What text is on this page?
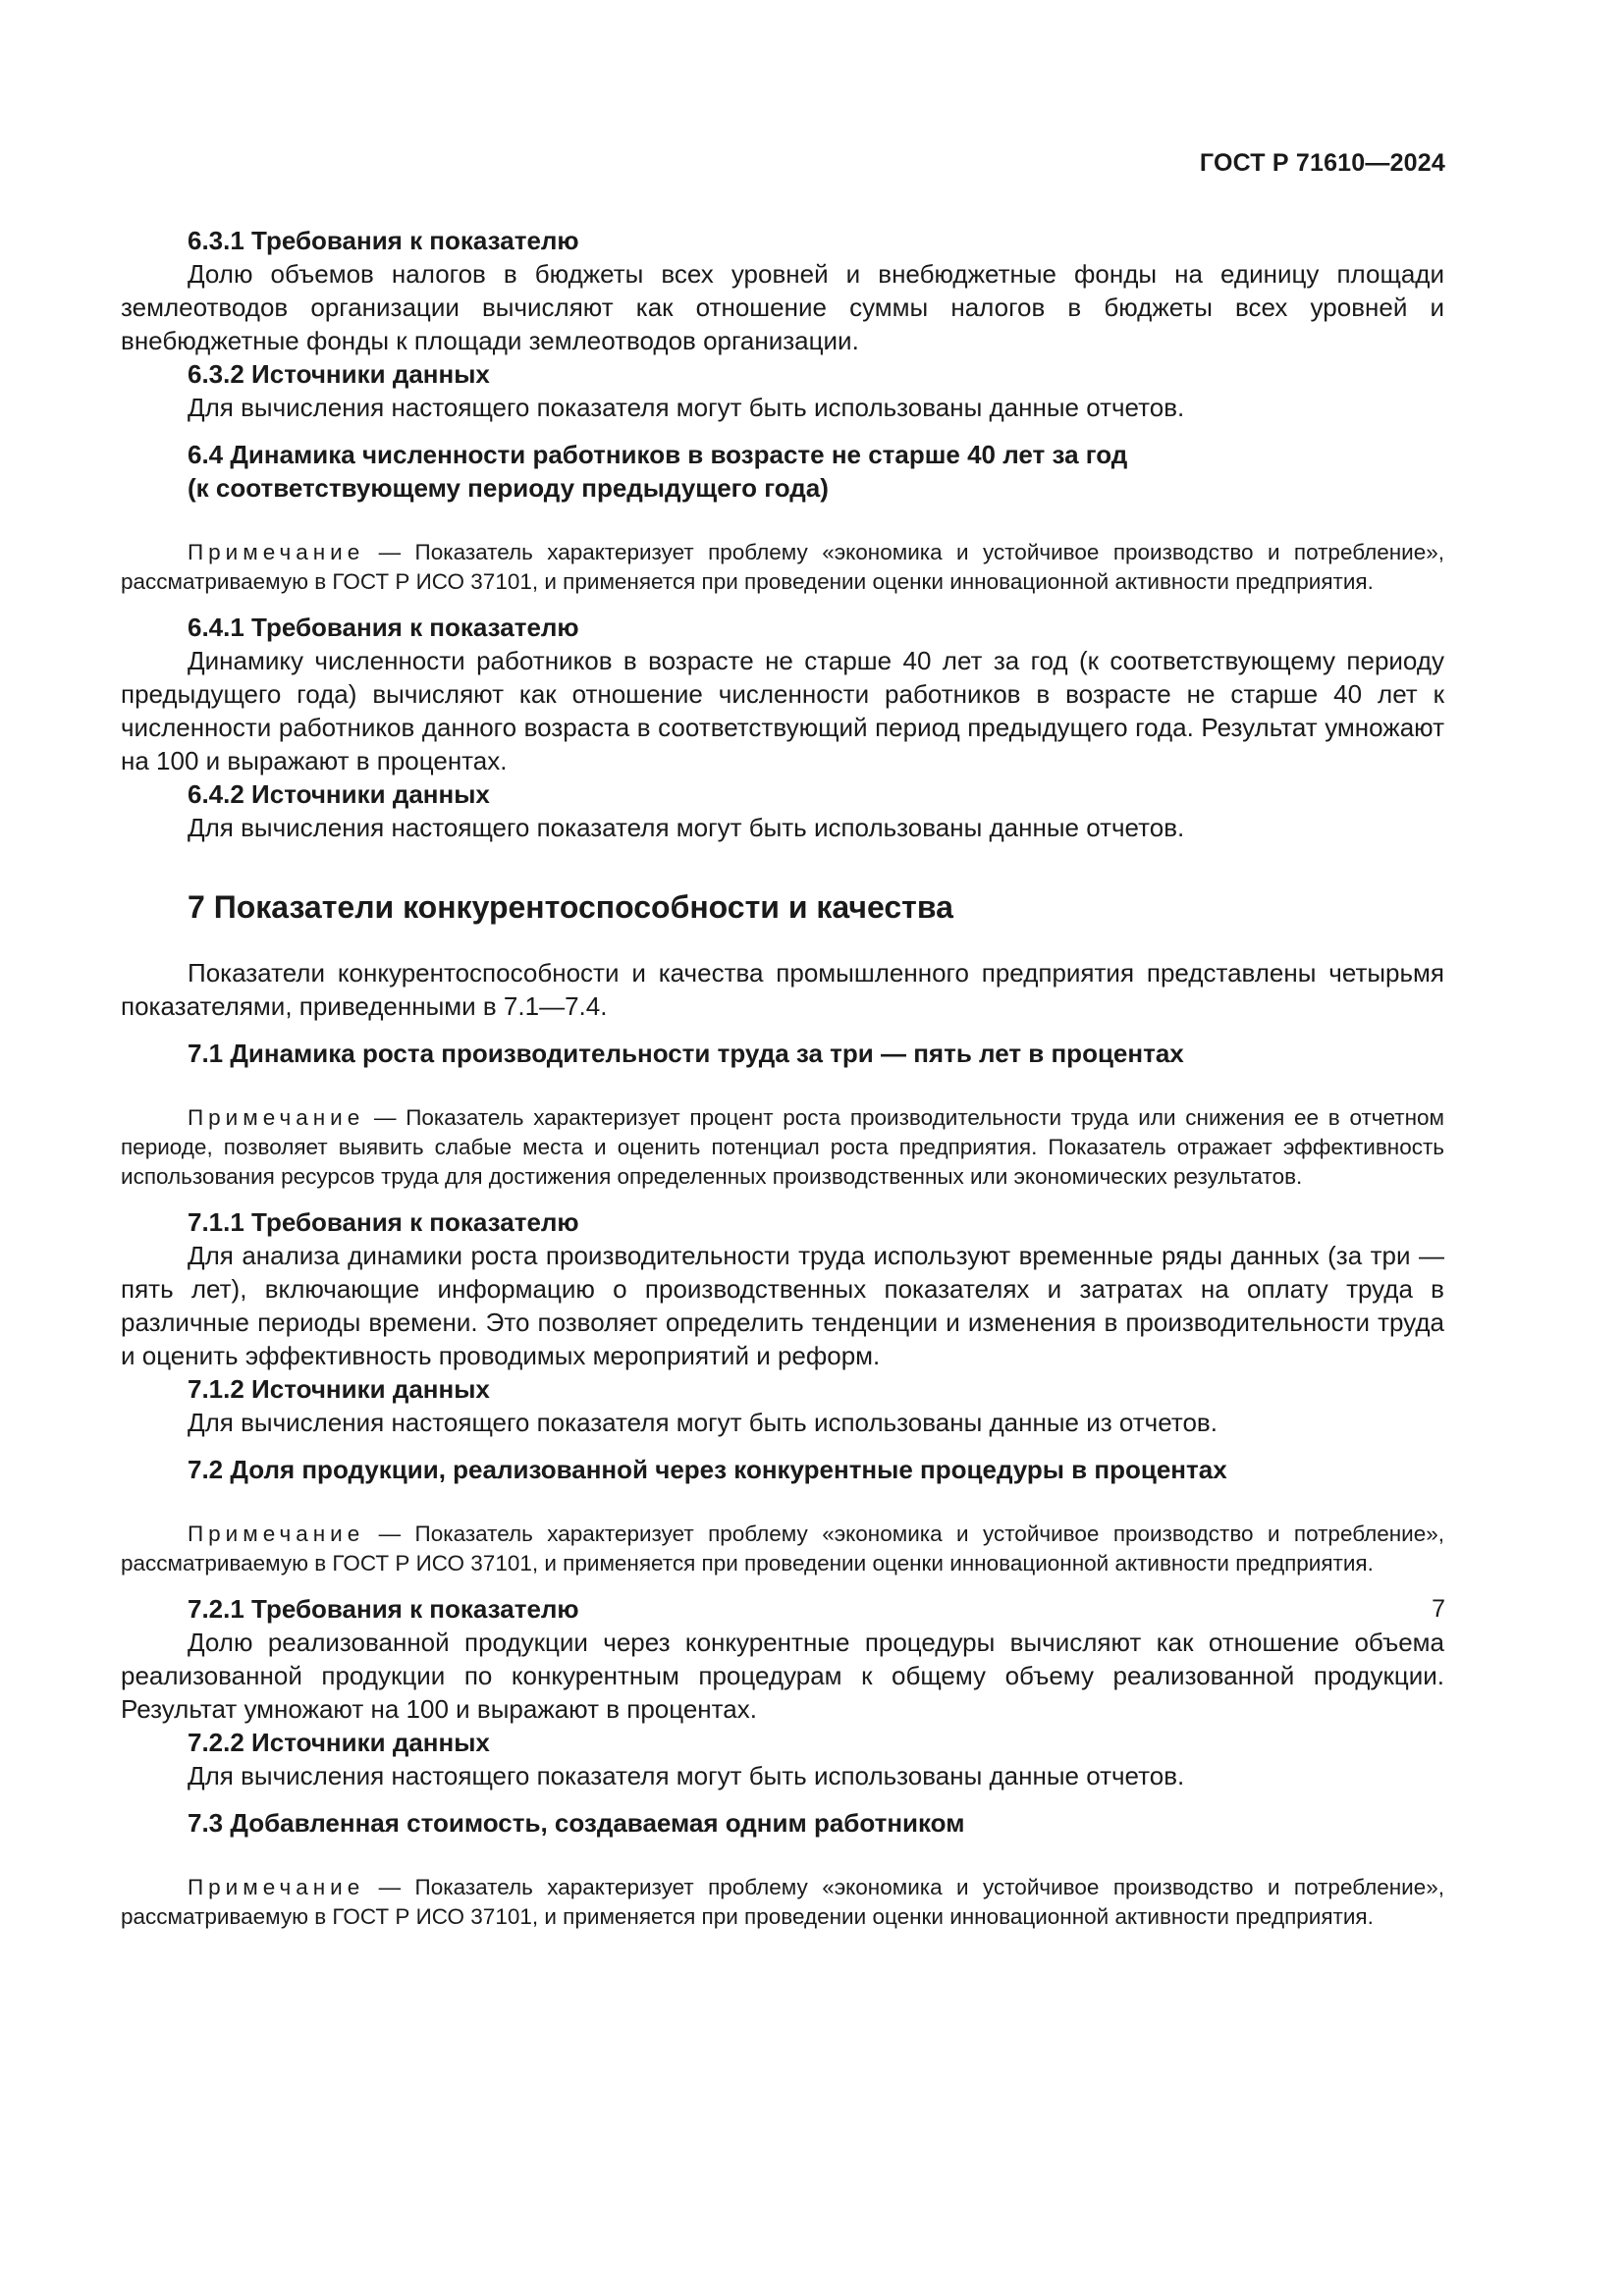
ГОСТ Р 71610—2024
6.3.1 Требования к показателю

Долю объемов налогов в бюджеты всех уровней и внебюджетные фонды на единицу площади землеотводов организации вычисляют как отношение суммы налогов в бюджеты всех уровней и внебюджетные фонды к площади землеотводов организации.

6.3.2 Источники данных

Для вычисления настоящего показателя могут быть использованы данные отчетов.

6.4 Динамика численности работников в возрасте не старше 40 лет за год
(к соответствующему периоду предыдущего года)

Примечание — Показатель характеризует проблему «экономика и устойчивое производство и потребление», рассматриваемую в ГОСТ Р ИСО 37101, и применяется при проведении оценки инновационной активности предприятия.

6.4.1 Требования к показателю

Динамику численности работников в возрасте не старше 40 лет за год (к соответствующему периоду предыдущего года) вычисляют как отношение численности работников в возрасте не старше 40 лет к численности работников данного возраста в соответствующий период предыдущего года. Результат умножают на 100 и выражают в процентах.

6.4.2 Источники данных

Для вычисления настоящего показателя могут быть использованы данные отчетов.

7 Показатели конкурентоспособности и качества

Показатели конкурентоспособности и качества промышленного предприятия представлены четырьмя показателями, приведенными в 7.1—7.4.

7.1 Динамика роста производительности труда за три — пять лет в процентах

Примечание — Показатель характеризует процент роста производительности труда или снижения ее в отчетном периоде, позволяет выявить слабые места и оценить потенциал роста предприятия. Показатель отражает эффективность использования ресурсов труда для достижения определенных производственных или экономических результатов.

7.1.1 Требования к показателю

Для анализа динамики роста производительности труда используют временные ряды данных (за три — пять лет), включающие информацию о производственных показателях и затратах на оплату труда в различные периоды времени. Это позволяет определить тенденции и изменения в производительности труда и оценить эффективность проводимых мероприятий и реформ.

7.1.2 Источники данных

Для вычисления настоящего показателя могут быть использованы данные из отчетов.

7.2 Доля продукции, реализованной через конкурентные процедуры в процентах

Примечание — Показатель характеризует проблему «экономика и устойчивое производство и потребление», рассматриваемую в ГОСТ Р ИСО 37101, и применяется при проведении оценки инновационной активности предприятия.

7.2.1 Требования к показателю

Долю реализованной продукции через конкурентные процедуры вычисляют как отношение объема реализованной продукции по конкурентным процедурам к общему объему реализованной продукции. Результат умножают на 100 и выражают в процентах.

7.2.2 Источники данных

Для вычисления настоящего показателя могут быть использованы данные отчетов.

7.3 Добавленная стоимость, создаваемая одним работником

Примечание — Показатель характеризует проблему «экономика и устойчивое производство и потребление», рассматриваемую в ГОСТ Р ИСО 37101, и применяется при проведении оценки инновационной активности предприятия.

7
